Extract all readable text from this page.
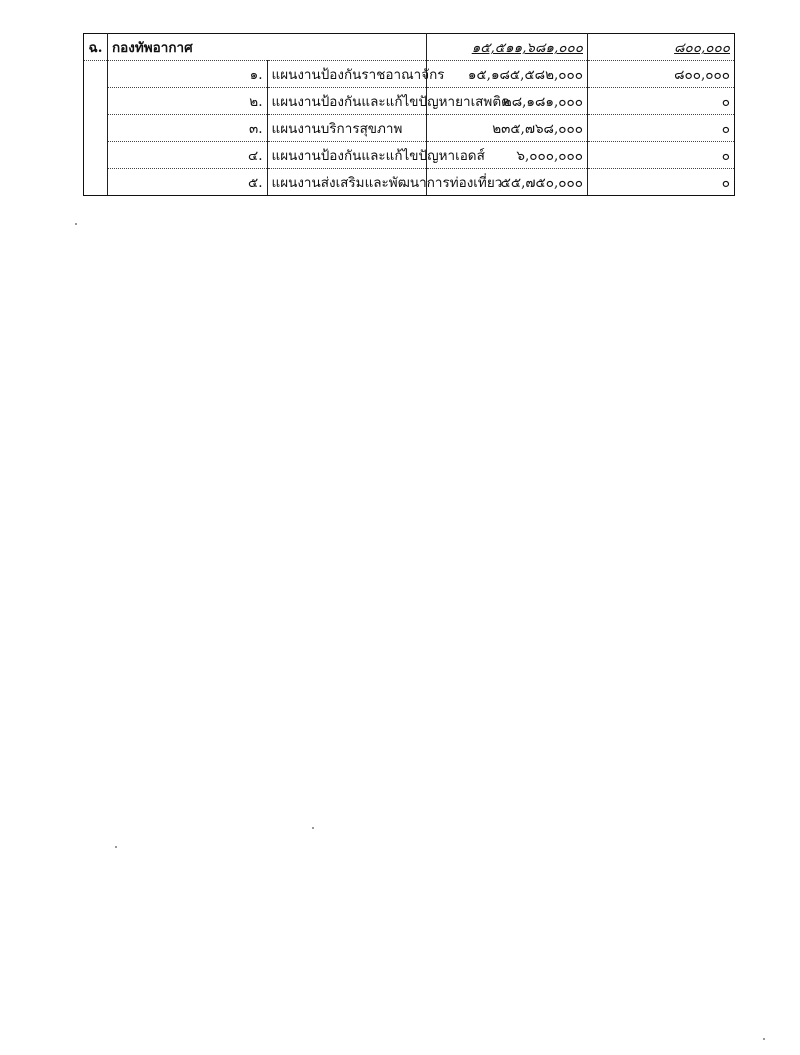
ฉ.	กองทัพอากาศ		๑๕,๕๑๑,๖๘๑,๐๐๐	๘๐๐,๐๐๐
	๑.	แผนงานป้องกันราชอาณาจักร	๑๕,๑๘๕,๕๘๒,๐๐๐	๘๐๐,๐๐๐
	๒.	แผนงานป้องกันและแก้ไขปัญหายาเสพติด	๒๘,๑๘๑,๐๐๐	๐
	๓.	แผนงานบริการสุขภาพ	๒๓๕,๗๖๘,๐๐๐	๐
	๔.	แผนงานป้องกันและแก้ไขปัญหาเอดส์	๖,๐๐๐,๐๐๐	๐
	๕.	แผนงานส่งเสริมและพัฒนาการท่องเที่ยว	๕๕,๗๕๐,๐๐๐	๐
